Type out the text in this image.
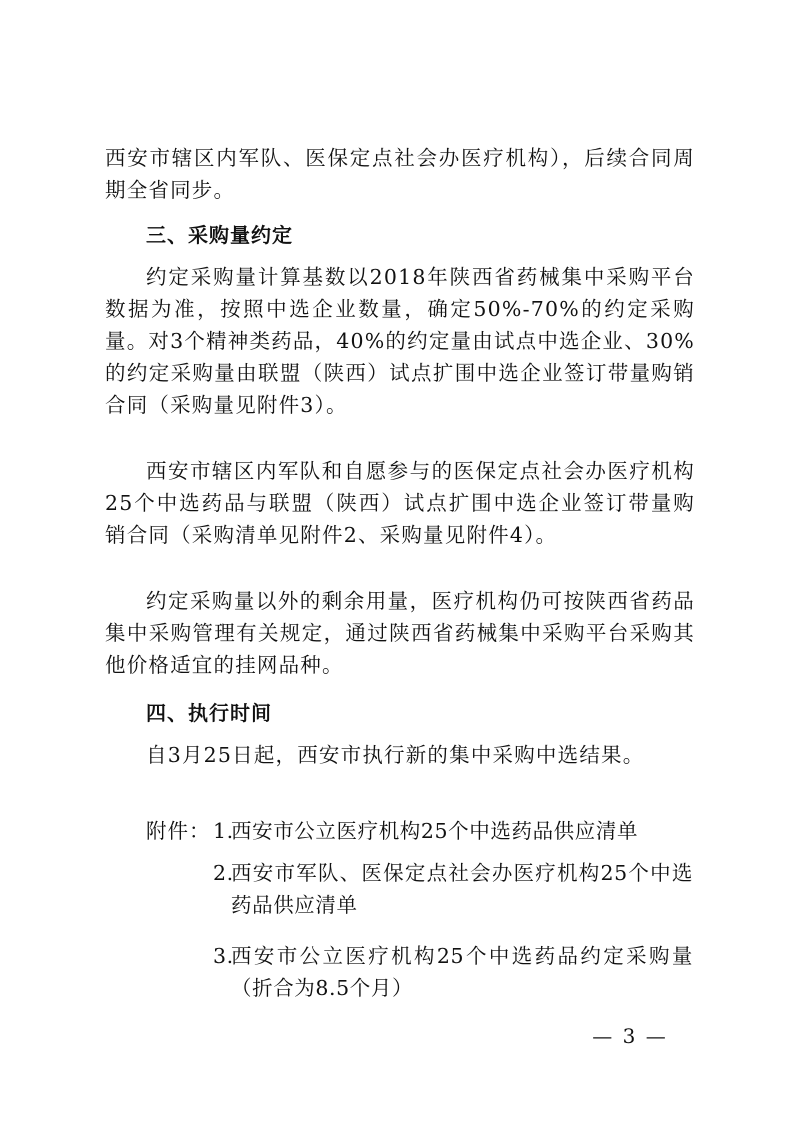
西安市辖区内军队、医保定点社会办医疗机构），后续合同周期全省同步。

三、采购量约定

约定采购量计算基数以2018年陕西省药械集中采购平台数据为准，按照中选企业数量，确定50%-70%的约定采购量。对3个精神类药品，40%的约定量由试点中选企业、30%的约定采购量由联盟（陕西）试点扩围中选企业签订带量购销合同（采购量见附件3）。

西安市辖区内军队和自愿参与的医保定点社会办医疗机构25个中选药品与联盟（陕西）试点扩围中选企业签订带量购销合同（采购清单见附件2、采购量见附件4）。

约定采购量以外的剩余用量，医疗机构仍可按陕西省药品集中采购管理有关规定，通过陕西省药械集中采购平台采购其他价格适宜的挂网品种。

四、执行时间

自3月25日起，西安市执行新的集中采购中选结果。

附件： 1.
西安市公立医疗机构25个中选药品供应清单
2.
西安市军队、医保定点社会办医疗机构25个中选药品供应清单
3.
西安市公立医疗机构25个中选药品约定采购量（折合为8.5个月）
— 3 —
